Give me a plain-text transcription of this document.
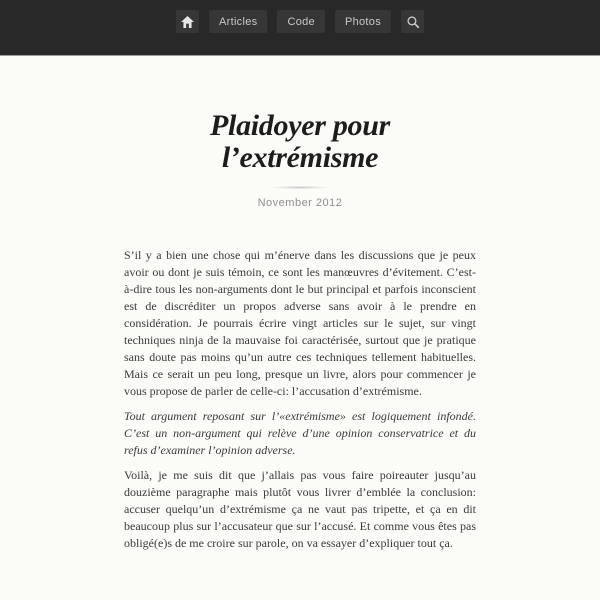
Articles	Code	Photos
Plaidoyer pour l’extrémisme
November 2012

S’il y a bien une chose qui m’énerve dans les discussions que je peux avoir ou dont je suis témoin, ce sont les manœuvres d’évitement. C’est-à-dire tous les non-arguments dont le but principal et parfois inconscient est de discréditer un propos adverse sans avoir à le prendre en considération. Je pourrais écrire vingt articles sur le sujet, sur vingt techniques ninja de la mauvaise foi caractérisée, surtout que je pratique sans doute pas moins qu’un autre ces techniques tellement habituelles. Mais ce serait un peu long, presque un livre, alors pour commencer je vous propose de parler de celle-ci: l’accusation d’extrémisme.

Tout argument reposant sur l’«extrémisme» est logiquement infondé. C’est un non-argument qui relève d’une opinion conservatrice et du refus d’examiner l’opinion adverse.

Voilà, je me suis dit que j’allais pas vous faire poireauter jusqu’au douzième paragraphe mais plutôt vous livrer d’emblée la conclusion: accuser quelqu’un d’extrémisme ça ne vaut pas tripette, et ça en dit beaucoup plus sur l’accusateur que sur l’accusé. Et comme vous êtes pas obligé(e)s de me croire sur parole, on va essayer d’expliquer tout ça.
